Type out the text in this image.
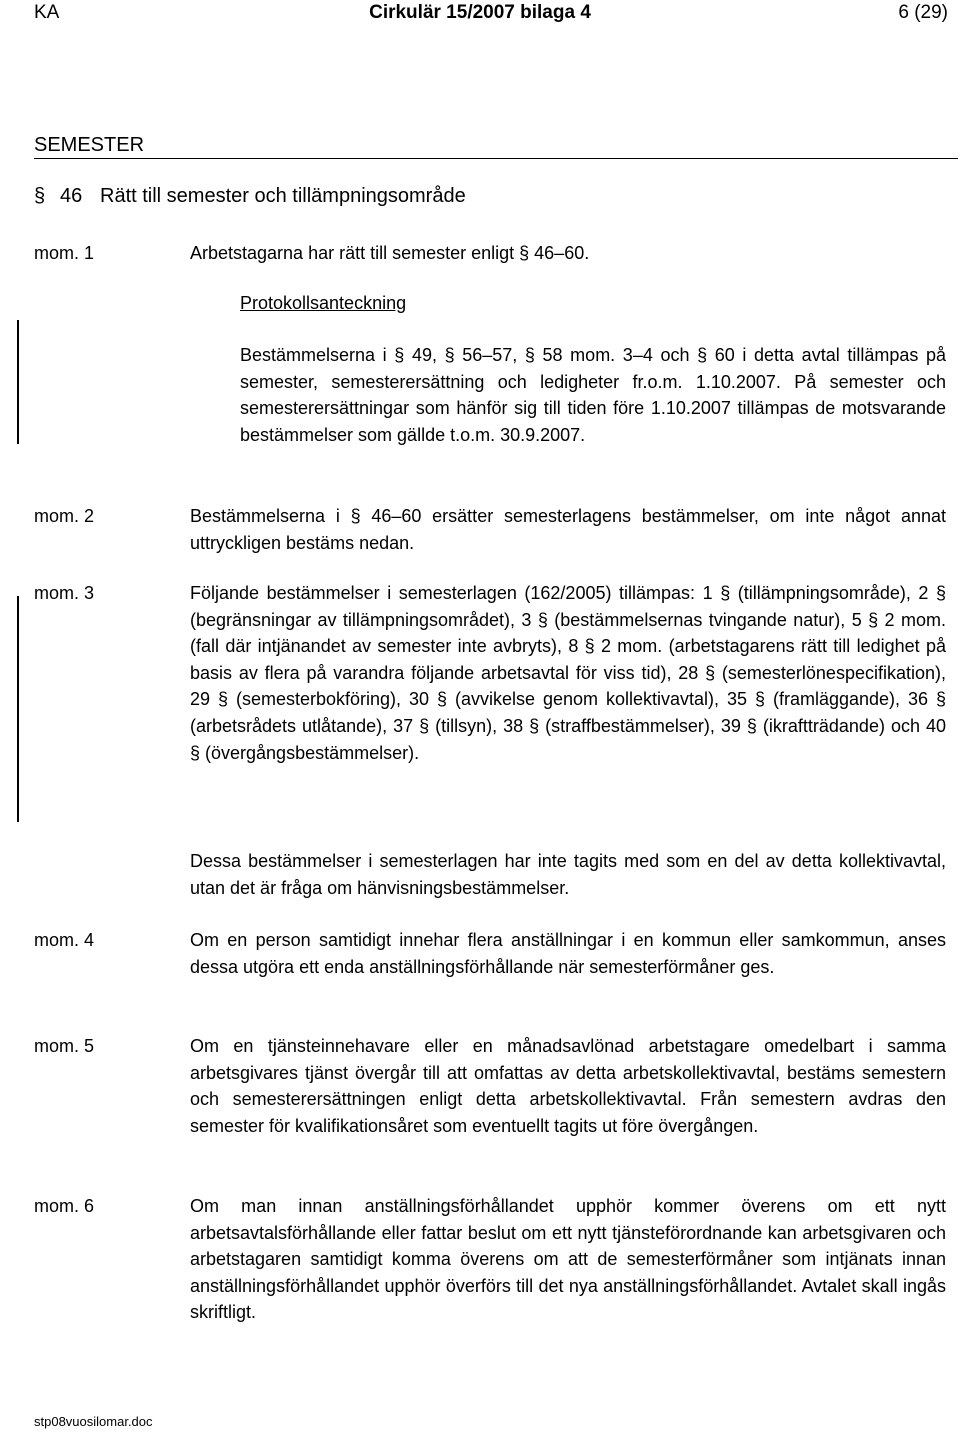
KA	Cirkulär 15/2007 bilaga 4	6 (29)
SEMESTER
§ 46 Rätt till semester och tillämpningsområde
mom. 1	Arbetstagarna har rätt till semester enligt § 46–60.
Protokollsanteckning
Bestämmelserna i § 49, § 56–57, § 58 mom. 3–4 och § 60 i detta avtal tillämpas på semester, semesterersättning och ledigheter fr.o.m. 1.10.2007. På semester och semesterersättningar som hänför sig till tiden före 1.10.2007 tillämpas de motsvarande bestämmelser som gällde t.o.m. 30.9.2007.
mom. 2	Bestämmelserna i § 46–60 ersätter semesterlagens bestämmelser, om inte något annat uttryckligen bestäms nedan.
mom. 3	Följande bestämmelser i semesterlagen (162/2005) tillämpas: 1 § (tillämpningsområde), 2 § (begränsningar av tillämpningsområdet), 3 § (bestämmelsernas tvingande natur), 5 § 2 mom. (fall där intjänandet av semester inte avbryts), 8 § 2 mom. (arbetstagarens rätt till ledighet på basis av flera på varandra följande arbetsavtal för viss tid), 28 § (semesterlönespecifikation), 29 § (semesterbokföring), 30 § (avvikelse genom kollektivavtal), 35 § (framläggande), 36 § (arbetsrådets utlåtande), 37 § (tillsyn), 38 § (straffbestämmelser), 39 § (ikraftträdande) och 40 § (övergångsbestämmelser).
Dessa bestämmelser i semesterlagen har inte tagits med som en del av detta kollektivavtal, utan det är fråga om hänvisningsbestämmelser.
mom. 4	Om en person samtidigt innehar flera anställningar i en kommun eller samkommun, anses dessa utgöra ett enda anställningsförhållande när semesterförmåner ges.
mom. 5	Om en tjänsteinnehavare eller en månadsavlönad arbetstagare omedelbart i samma arbetsgivares tjänst övergår till att omfattas av detta arbetskollektivavtal, bestäms semestern och semesterersättningen enligt detta arbetskollektivavtal. Från semestern avdras den semester för kvalifikationsåret som eventuellt tagits ut före övergången.
mom. 6	Om man innan anställningsförhållandet upphör kommer överens om ett nytt arbetsavtalsförhållande eller fattar beslut om ett nytt tjänsteförordnande kan arbetsgivaren och arbetstagaren samtidigt komma överens om att de semesterförmåner som intjänats innan anställningsförhållandet upphör överförs till det nya anställningsförhållandet. Avtalet skall ingås skriftligt.
stp08vuosilomar.doc
